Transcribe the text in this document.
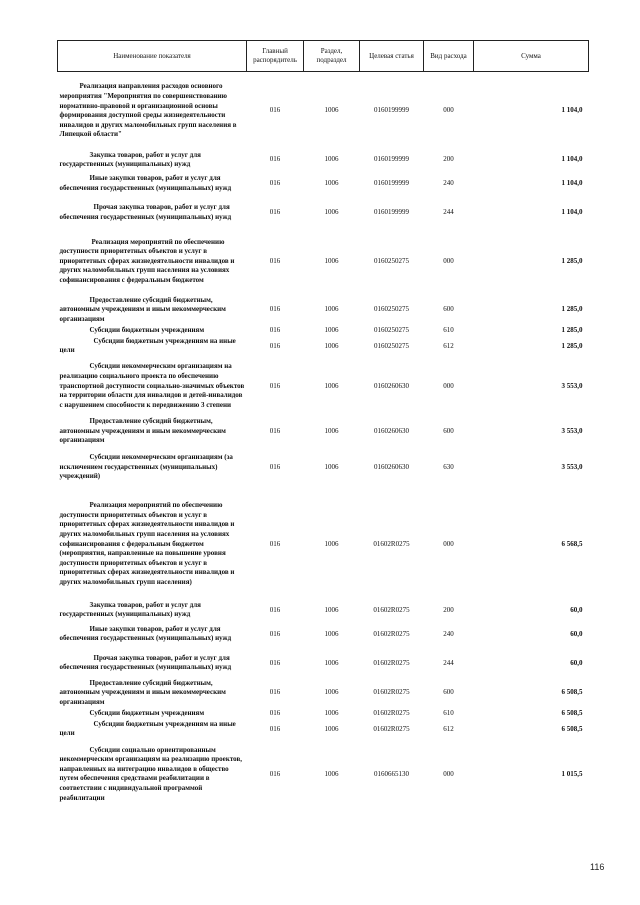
Наименование показателя	Главный распорядитель	Раздел, подраздел	Целевая статья	Вид расхода	Сумма
Реализация направления расходов основного мероприятия "Мероприятия по совершенствованию нормативно-правовой и организационной основы формирования доступной среды жизнедеятельности инвалидов и других маломобильных групп населения в Липецкой области"	016	1006	0160199999	000	1 104,0
Закупка товаров, работ и услуг для государственных (муниципальных) нужд	016	1006	0160199999	200	1 104,0
Иные закупки товаров, работ и услуг для обеспечения государственных (муниципальных) нужд	016	1006	0160199999	240	1 104,0
Прочая закупка товаров, работ и услуг для обеспечения государственных (муниципальных) нужд	016	1006	0160199999	244	1 104,0
Реализация мероприятий по обеспечению доступности приоритетных объектов и услуг в приоритетных сферах жизнедеятельности инвалидов и других маломобильных групп населения на условиях софинансирования с федеральным бюджетом	016	1006	0160250275	000	1 285,0
Предоставление субсидий бюджетным, автономным учреждениям и иным некоммерческим организациям	016	1006	0160250275	600	1 285,0
Субсидии бюджетным учреждениям	016	1006	0160250275	610	1 285,0
Субсидии бюджетным учреждениям на иные цели	016	1006	0160250275	612	1 285,0
Субсидии некоммерческим организациям на реализацию социального проекта по обеспечению транспортной доступности социально-значимых объектов на территории области для инвалидов и детей-инвалидов с нарушением способности к передвижению 3 степени	016	1006	0160260630	000	3 553,0
Предоставление субсидий бюджетным, автономным учреждениям и иным некоммерческим организациям	016	1006	0160260630	600	3 553,0
Субсидии некоммерческим организациям (за исключением государственных (муниципальных) учреждений)	016	1006	0160260630	630	3 553,0
Реализация мероприятий по обеспечению доступности приоритетных объектов и услуг в приоритетных сферах жизнедеятельности инвалидов и других маломобильных групп населения на условиях софинансирования с федеральным бюджетом (мероприятия, направленные на повышение уровня доступности приоритетных объектов и услуг в приоритетных сферах жизнедеятельности инвалидов и других маломобильных групп населения)	016	1006	01602R0275	000	6 568,5
Закупка товаров, работ и услуг для государственных (муниципальных) нужд	016	1006	01602R0275	200	60,0
Иные закупки товаров, работ и услуг для обеспечения государственных (муниципальных) нужд	016	1006	01602R0275	240	60,0
Прочая закупка товаров, работ и услуг для обеспечения государственных (муниципальных) нужд	016	1006	01602R0275	244	60,0
Предоставление субсидий бюджетным, автономным учреждениям и иным некоммерческим организациям	016	1006	01602R0275	600	6 508,5
Субсидии бюджетным учреждениям	016	1006	01602R0275	610	6 508,5
Субсидии бюджетным учреждениям на иные цели	016	1006	01602R0275	612	6 508,5
Субсидии социально ориентированным некоммерческим организациям на реализацию проектов, направленных на интеграцию инвалидов в общество путем обеспечения средствами реабилитации в соответствии с индивидуальной программой реабилитации	016	1006	0160665130	000	1 015,5
116
